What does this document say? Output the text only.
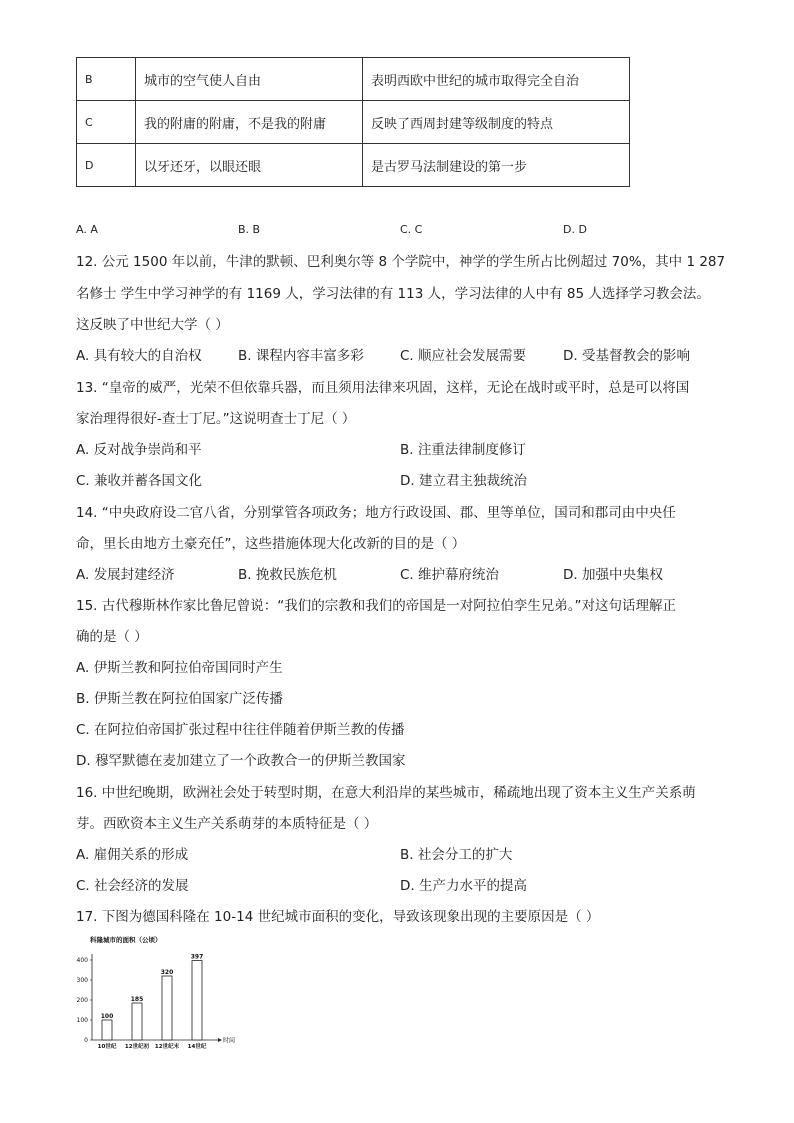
B	城市的空气使人自由	表明西欧中世纪的城市取得完全自治
C	我的附庸的附庸，不是我的附庸	反映了西周封建等级制度的特点
D	以牙还牙，以眼还眼	是古罗马法制建设的第一步
A. A	B. B	C. C	D. D
12. 公元 1500 年以前，牛津的默顿、巴利奥尔等 8 个学院中，神学的学生所占比例超过 70%，其中 1 287
名修士 学生中学习神学的有 1169 人，学习法律的有 113 人，学习法律的人中有 85 人选择学习教会法。
这反映了中世纪大学（ ）
A. 具有较大的自治权	B. 课程内容丰富多彩	C. 顺应社会发展需要	D. 受基督教会的影响
13. “皇帝的威严，光荣不但依靠兵器，而且须用法律来巩固，这样，无论在战时或平时，总是可以将国
家治理得很好-查士丁尼。”这说明查士丁尼（ ）
A. 反对战争崇尚和平	B. 注重法律制度修订
C. 兼收并蓄各国文化	D. 建立君主独裁统治
14. “中央政府设二官八省，分别掌管各项政务；地方行政设国、郡、里等单位，国司和郡司由中央任
命，里长由地方土豪充任”，这些措施体现大化改新的目的是（ ）
A. 发展封建经济	B. 挽救民族危机	C. 维护幕府统治	D. 加强中央集权
15. 古代穆斯林作家比鲁尼曾说：“我们的宗教和我们的帝国是一对阿拉伯孪生兄弟。”对这句话理解正
确的是（ ）
A. 伊斯兰教和阿拉伯帝国同时产生
B. 伊斯兰教在阿拉伯国家广泛传播
C. 在阿拉伯帝国扩张过程中往往伴随着伊斯兰教的传播
D. 穆罕默德在麦加建立了一个政教合一的伊斯兰教国家
16. 中世纪晚期，欧洲社会处于转型时期，在意大利沿岸的某些城市，稀疏地出现了资本主义生产关系萌
芽。西欧资本主义生产关系萌芽的本质特征是（ ）
A. 雇佣关系的形成	B. 社会分工的扩大
C. 社会经济的发展	D. 生产力水平的提高
17. 下图为德国科隆在 10-14 世纪城市面积的变化，导致该现象出现的主要原因是（ ）
科隆城市的面积（公顷）
时间
0
100
200
300
400
100
10世纪
185
12世纪初
320
12世纪末
397
14世纪
